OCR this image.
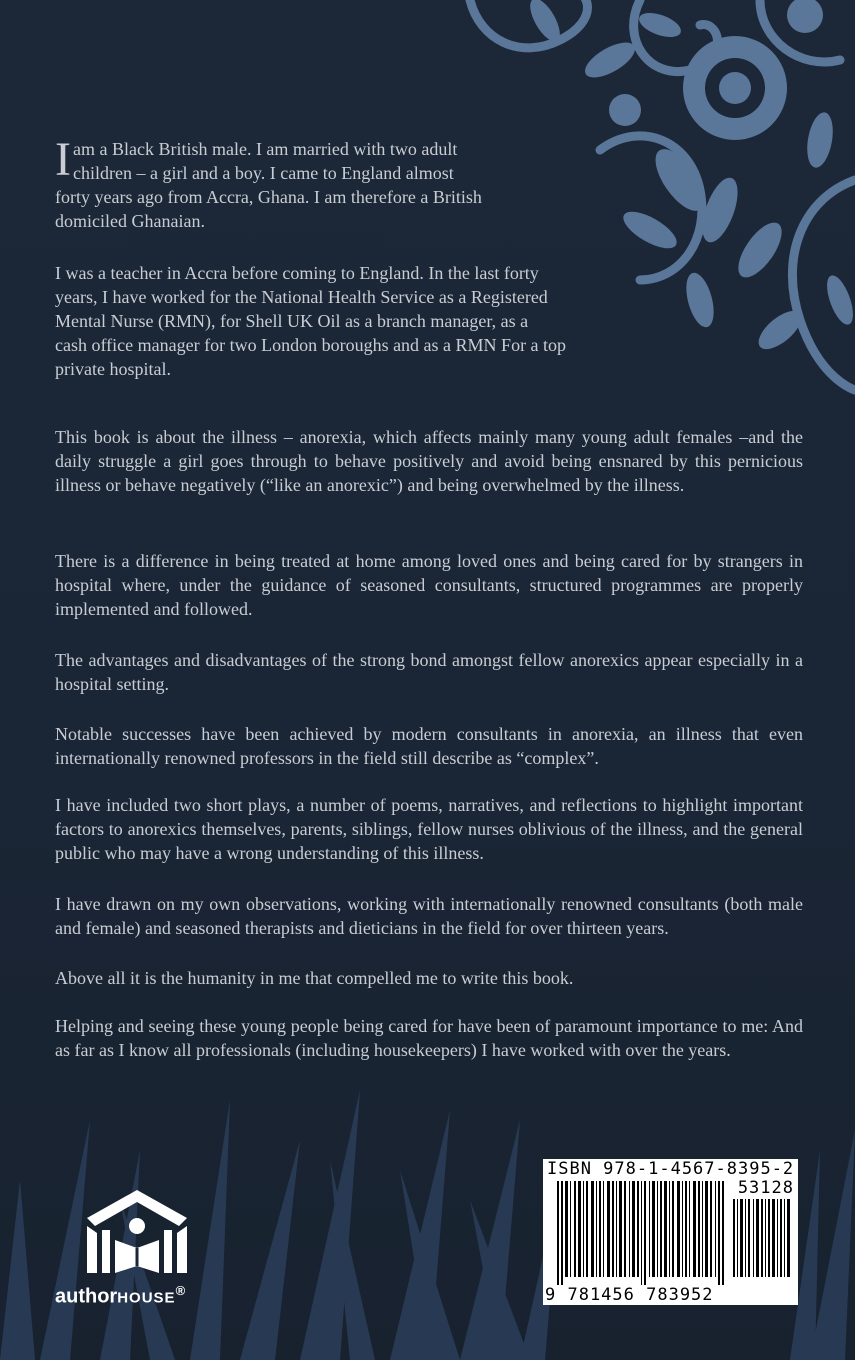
I am a Black British male. I am married with two adult
children – a girl and a boy. I came to England almost
forty years ago from Accra, Ghana. I am therefore a British
domiciled Ghanaian.
I was a teacher in Accra before coming to England. In the last forty
years, I have worked for the National Health Service as a Registered
Mental Nurse (RMN), for Shell UK Oil as a branch manager, as a
cash office manager for two London boroughs and as a RMN For a top
private hospital.

This book is about the illness – anorexia, which affects mainly many young adult females –and the daily struggle a girl goes through to behave positively and avoid being ensnared by this pernicious illness or behave negatively (“like an anorexic”) and being overwhelmed by the illness.

There is a difference in being treated at home among loved ones and being cared for by strangers in hospital where, under the guidance of seasoned consultants, structured programmes are properly implemented and followed.

The advantages and disadvantages of the strong bond amongst fellow anorexics appear especially in a hospital setting.

Notable successes have been achieved by modern consultants in anorexia, an illness that even internationally renowned professors in the field still describe as “complex”.

I have included two short plays, a number of poems, narratives, and reflections to highlight important factors to anorexics themselves, parents, siblings, fellow nurses oblivious of the illness, and the general public who may have a wrong understanding of this illness.

I have drawn on my own observations, working with internationally renowned consultants (both male and female) and seasoned therapists and dieticians in the field for over thirteen years.

Above all it is the humanity in me that compelled me to write this book.

Helping and seeing these young people being cared for have been of paramount importance to me: And as far as I know all professionals (including housekeepers) I have worked with over the years.

authorHOUSE®
ISBN 978-1-4567-8395-2
53128
9 781456 783952
